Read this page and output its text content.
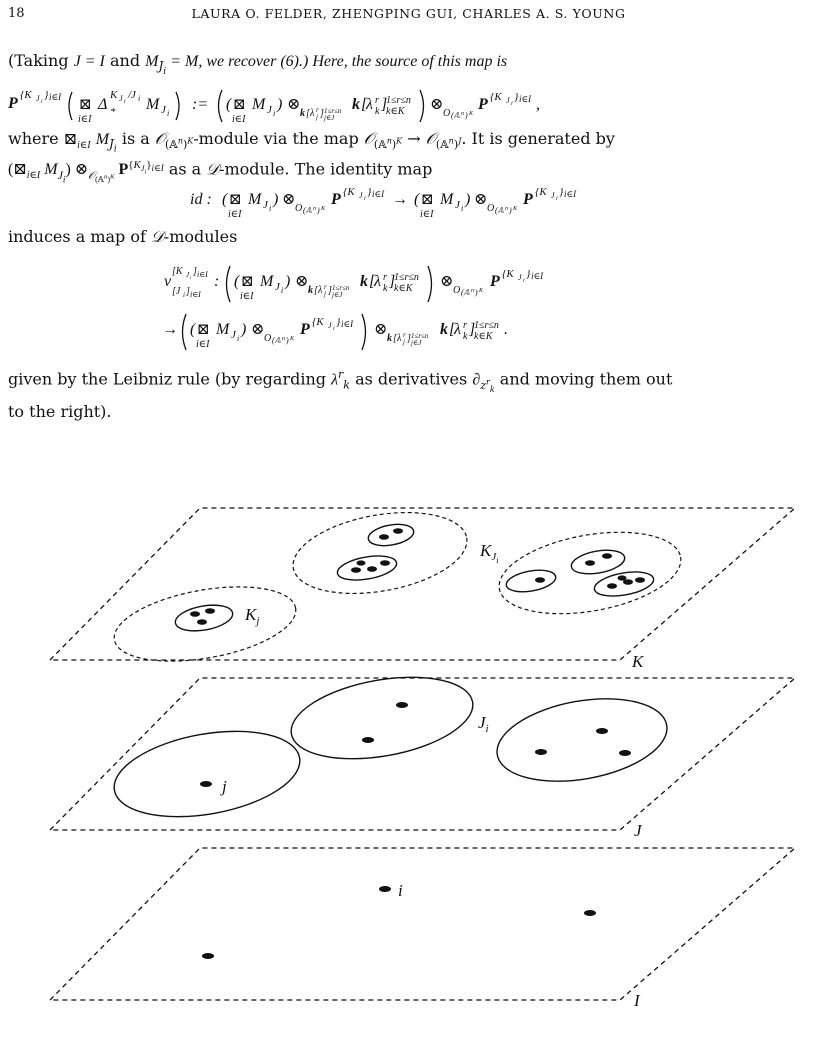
18	LAURA O. FELDER, ZHENGPING GUI, CHARLES A. S. YOUNG
(Taking J = I and $M_{J_i} = M$, we recover (6).) Here, the source of this map is
P {K J i
} i∈I ⊠
i∈I
Δ *
K J i
/J i M J i
:= ( ⊠
i∈I
M J i
) ⊗
k [ λ r
j ] 1≤r≤n
j∈J
k [
λ r
k ]
1≤r≤n
k∈K ⊗
O (𝔸 n ) K
P {K J i
} i∈I ,
where $⊠_{i\in I}$ $M_{J_i}$ is a 𝒪$_{(𝔸^n)^K}$-module via the map 𝒪$_{(𝔸^n)^K}$ → 𝒪$_{(𝔸^n)^J}$. It is generated by
($⊠_{i\in I}$ $M_{J_i}$) $\otimes_{𝒪_{(𝔸^n)^K}}$ $P^{\{K_{J_i}\}_{i\in I}}$ as a 𝒟-module. The identity map
id : ( ⊠
i∈I
M J i
) ⊗
O (𝔸 n ) K
P {K J i
} i∈I → ( ⊠
i∈I
M J i
) ⊗
O (𝔸 n ) K
P {K J i
} i∈I
induces a map of 𝒟-modules
v
[K J i
] i∈I
[J i ] i∈I
: ( ⊠
i∈I
M J i
) ⊗
k [ λ r
j ] 1≤r≤n
j∈J
k [
λ r
k ]
1≤r≤n
k∈K ⊗
O (𝔸 n ) K
P {K J i
} i∈I
→ ( ⊠
i∈I
M J i
) ⊗
O (𝔸 n ) K
P {K J i
} i∈I ⊗
k [ λ r
j ] 1≤r≤n
j∈J
k [
λ r
k ]
1≤r≤n
k∈K .
given by the Leibniz rule (by regarding $\lambda^r_k$ as derivatives $\partial_{z^r_k}$ and moving them out
to the right).
K
J
I
$K_Ji$
$K_j$
$J_i$
j
i
